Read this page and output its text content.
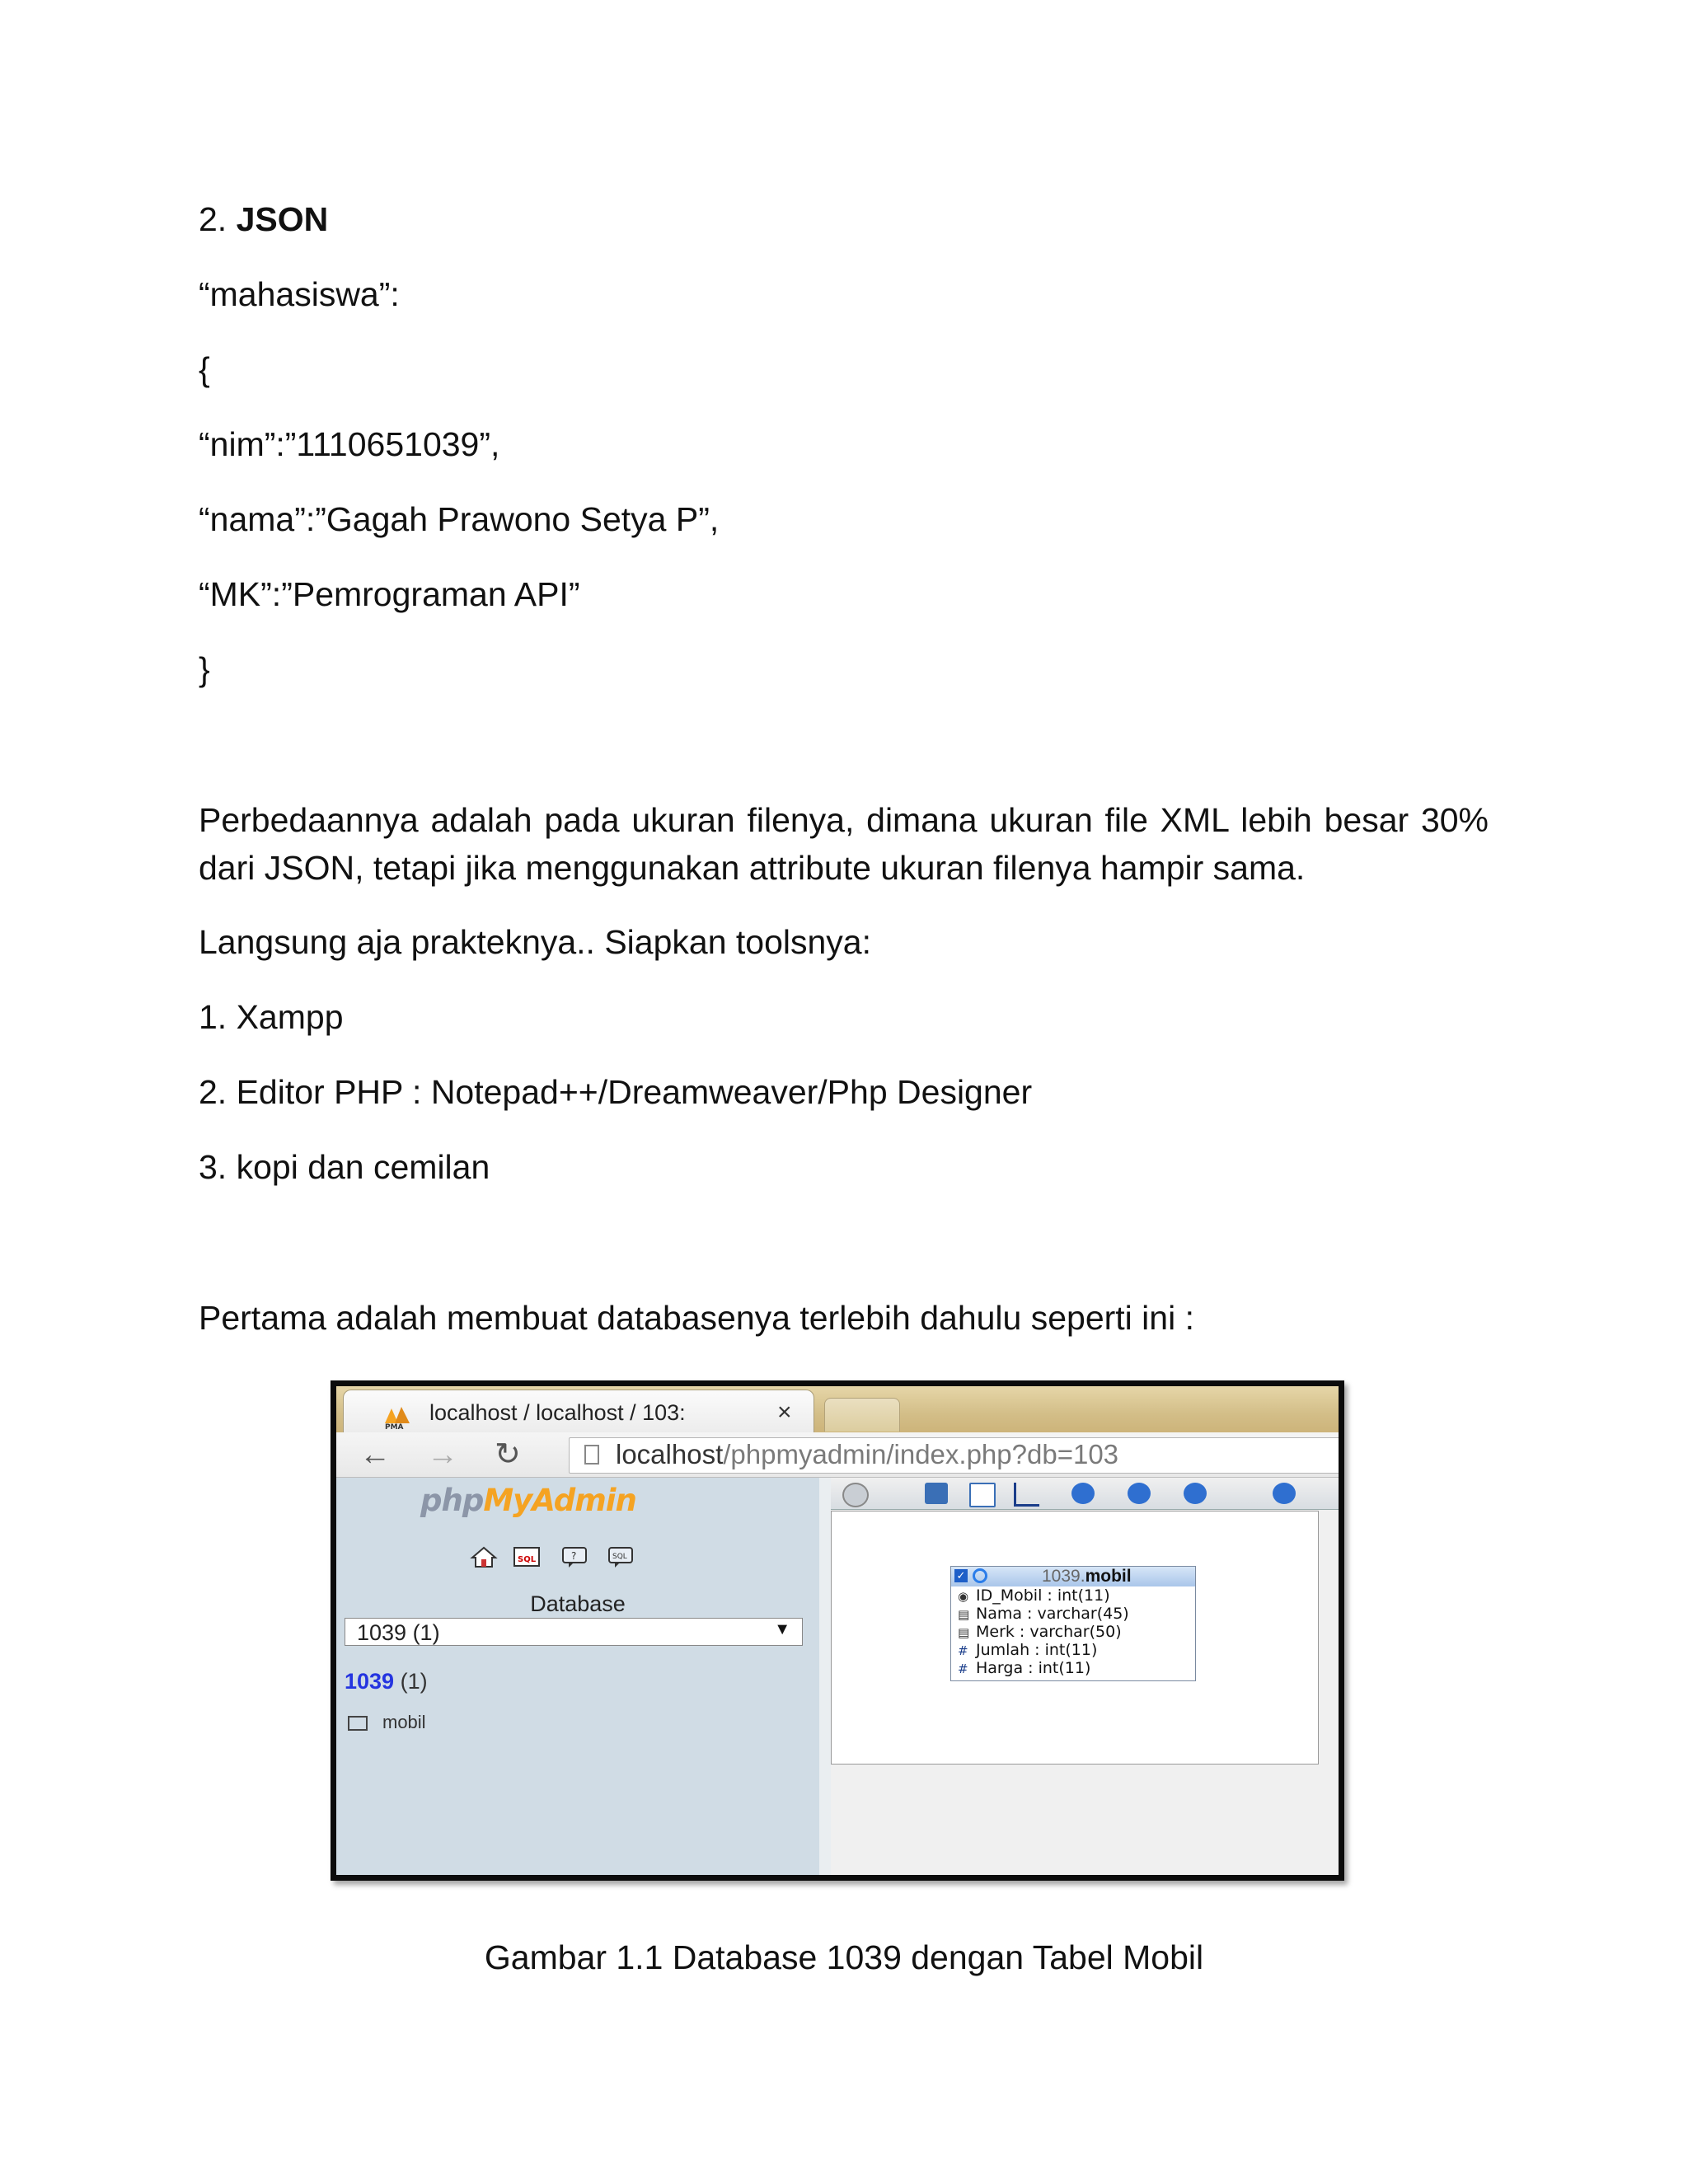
2. JSON
“mahasiswa”:
{
“nim”:”1110651039”,
“nama”:”Gagah Prawono Setya P”,
“MK”:”Pemrograman API”
}

Perbedaannya adalah pada ukuran filenya, dimana ukuran file XML lebih besar 30% dari JSON, tetapi jika menggunakan attribute ukuran filenya hampir sama.

Langsung aja prakteknya.. Siapkan toolsnya:
1. Xampp
2. Editor PHP : Notepad++/Dreamweaver/Php Designer
3. kopi dan cemilan
Pertama adalah membuat databasenya terlebih dahulu seperti ini :
PMA
localhost / localhost / 103:	×
← → ↻	localhost/phpmyadmin/index.php?db=103
phpMyAdmin
SQL	?	SQL
Database
1039 (1)	▼
1039 (1)
mobil
✓	1039.mobil
◉ ID_Mobil : int(11)
▤ Nama : varchar(45)
▤ Merk : varchar(50)
# Jumlah : int(11)
# Harga : int(11)
Gambar 1.1 Database 1039 dengan Tabel Mobil
